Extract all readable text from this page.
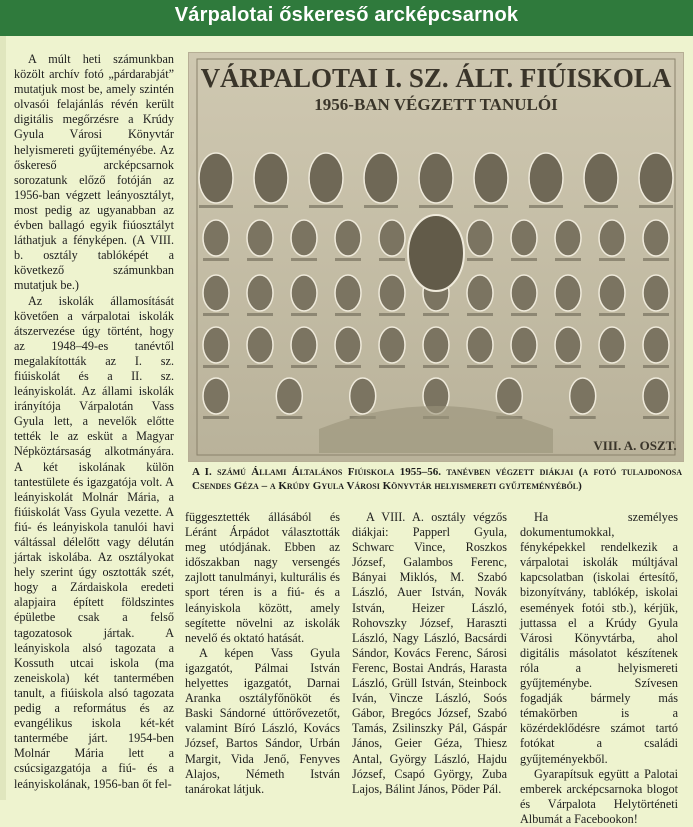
Várpalotai őskereső arcképcsarnok

A múlt heti számunkban közölt archív fotó „párdarabját” mutatjuk most be, amely szintén olvasói felajánlás révén került digitális megőrzésre a Krúdy Gyula Városi Könyvtár helyismereti gyűjteményébe. Az őskereső arcképcsarnok sorozatunk előző fotóján az 1956-ban végzett leányosztályt, most pedig az ugyanabban az évben ballagó egyik fiúosztályt láthatjuk a fényképen. (A VIII. b. osztály tablóképét a következő számunkban mutatjuk be.)

Az iskolák államosítását követően a várpalotai iskolák átszervezése úgy történt, hogy az 1948–49-es tanévtől megalakították az I. sz. fiúiskolát és a II. sz. leányiskolát. Az állami iskolák irányítója Várpalotán Vass Gyula lett, a nevelők előtte tették le az esküt a Magyar Népköztársaság alkotmányára. A két iskolának külön tantestülete és igazgatója volt. A leányiskolát Molnár Mária, a fiúiskolát Vass Gyula vezette. A fiú- és leányiskola tanulói havi váltással délelőtt vagy délután jártak iskolába. Az osztályokat hely szerint úgy osztották szét, hogy a Zárdaiskola eredeti alapjaira épített földszintes épületbe csak a felső tagozatosok jártak. A leányiskola alsó tagozata a Kossuth utcai iskola (ma zeneiskola) két tantermében tanult, a fiúiskola alsó tagozata pedig a református és az evangélikus iskola két-két tantermébe járt. 1954-ben Molnár Mária lett a csúcsigazgatója a fiú- és a leányiskolának, 1956-ban őt fel-

VÁRPALOTAI I. SZ. ÁLT. FIÚISKOLA
1956-BAN VÉGZETT TANULÓI
VIII. A. OSZT.
A I. számú Állami Általános Fiúiskola 1955–56. tanévben végzett diákjai (a fotó tulajdonosa Csendes Géza – a Krúdy Gyula Városi Könyvtár helyismereti gyűjteményéből)

függesztették állásából és Léránt Árpádot választották meg utódjának. Ebben az időszakban nagy versengés zajlott tanulmányi, kulturális és sport téren is a fiú- és a leányiskola között, amely segítette növelni az iskolák nevelő és oktató hatását.

A képen Vass Gyula igazgatót, Pálmai István helyettes igazgatót, Darnai Aranka osztályfőnököt és Baski Sándorné úttörővezetőt, valamint Bíró László, Kovács József, Bartos Sándor, Urbán Margit, Vida Jenő, Fenyves Alajos, Németh István tanárokat látjuk.

A VIII. A. osztály végzős diákjai: Papperl Gyula, Schwarc Vince, Roszkos József, Galambos Ferenc, Bányai Miklós, M. Szabó László, Auer István, Novák István, Heizer László, Rohovszky József, Haraszti László, Nagy László, Bacsárdi Sándor, Kovács Ferenc, Sárosi Ferenc, Bostai András, Harasta László, Grüll István, Steinbock Iván, Vincze László, Soós Gábor, Bregócs József, Szabó Tamás, Zsilinszky Pál, Gáspár János, Geier Géza, Thiesz Antal, György László, Hajdu József, Csapó György, Zuba Lajos, Bálint János, Pöder Pál.

Ha személyes dokumentumokkal, fényképekkel rendelkezik a várpalotai iskolák múltjával kapcsolatban (iskolai értesítő, bizonyítvány, tablókép, iskolai események fotói stb.), kérjük, juttassa el a Krúdy Gyula Városi Könyvtárba, ahol digitális másolatot készítenek róla a helyismereti gyűjteménybe. Szívesen fogadják bármely más témakörben is a közérdeklődésre számot tartó fotókat a családi gyűjteményekből.

Gyarapítsuk együtt a Palotai emberek arcképcsarnoka blogot és Várpalota Helytörténeti Albumát a Facebookon!
